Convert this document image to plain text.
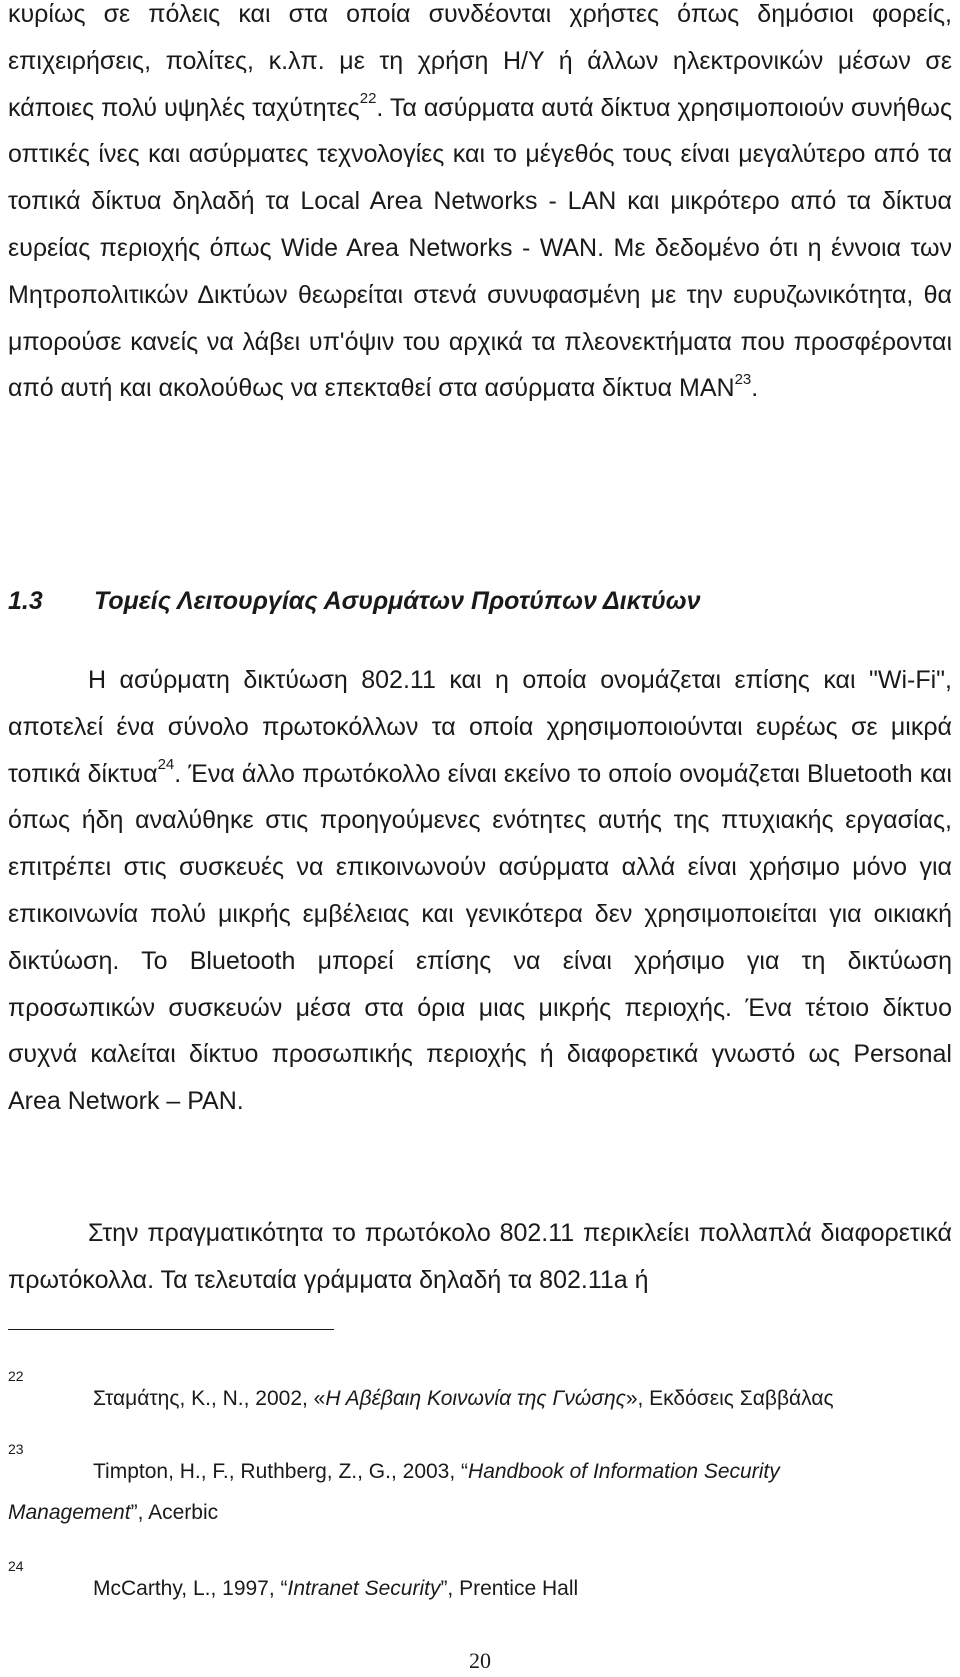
κυρίως σε πόλεις και στα οποία συνδέονται χρήστες όπως δημόσιοι φορείς, επιχειρήσεις, πολίτες, κ.λπ. με τη χρήση Η/Υ ή άλλων ηλεκτρονικών μέσων σε κάποιες πολύ υψηλές ταχύτητες$^{22}$. Τα ασύρματα αυτά δίκτυα χρησιμοποιούν συνήθως οπτικές ίνες και ασύρματες τεχνολογίες και το μέγεθός τους είναι μεγαλύτερο από τα τοπικά δίκτυα δηλαδή τα Local Area Networks - LAN και μικρότερο από τα δίκτυα ευρείας περιοχής όπως Wide Area Networks - WAN. Με δεδομένο ότι η έννοια των Μητροπολιτικών Δικτύων θεωρείται στενά συνυφασμένη με την ευρυζωνικότητα, θα μπορούσε κανείς να λάβει υπ'όψιν του αρχικά τα πλεονεκτήματα που προσφέρονται από αυτή και ακολούθως να επεκταθεί στα ασύρματα δίκτυα MAN$^{23}$.

1.3 Τομείς Λειτουργίας Ασυρμάτων Προτύπων Δικτύων

Η ασύρματη δικτύωση 802.11 και η οποία ονομάζεται επίσης και "Wi-Fi", αποτελεί ένα σύνολο πρωτοκόλλων τα οποία χρησιμοποιούνται ευρέως σε μικρά τοπικά δίκτυα$^{24}$. Ένα άλλο πρωτόκολλο είναι εκείνο το οποίο ονομάζεται Bluetooth και όπως ήδη αναλύθηκε στις προηγούμενες ενότητες αυτής της πτυχιακής εργασίας, επιτρέπει στις συσκευές να επικοινωνούν ασύρματα αλλά είναι χρήσιμο μόνο για επικοινωνία πολύ μικρής εμβέλειας και γενικότερα δεν χρησιμοποιείται για οικιακή δικτύωση. Το Bluetooth μπορεί επίσης να είναι χρήσιμο για τη δικτύωση προσωπικών συσκευών μέσα στα όρια μιας μικρής περιοχής. Ένα τέτοιο δίκτυο συχνά καλείται δίκτυο προσωπικής περιοχής ή διαφορετικά γνωστό ως Personal Area Network – PAN.

Στην πραγματικότητα το πρωτόκολο 802.11 περικλείει πολλαπλά διαφορετικά πρωτόκολλα. Τα τελευταία γράμματα δηλαδή τα 802.11a ή

22
Σταμάτης, Κ., Ν., 2002, «Η Αβέβαιη Κοινωνία της Γνώσης», Εκδόσεις Σαββάλας
23
Timpton, H., F., Ruthberg, Z., G., 2003, “Handbook of Information Security
Management”, Acerbic
24
McCarthy, L., 1997, “Intranet Security”, Prentice Hall
20
